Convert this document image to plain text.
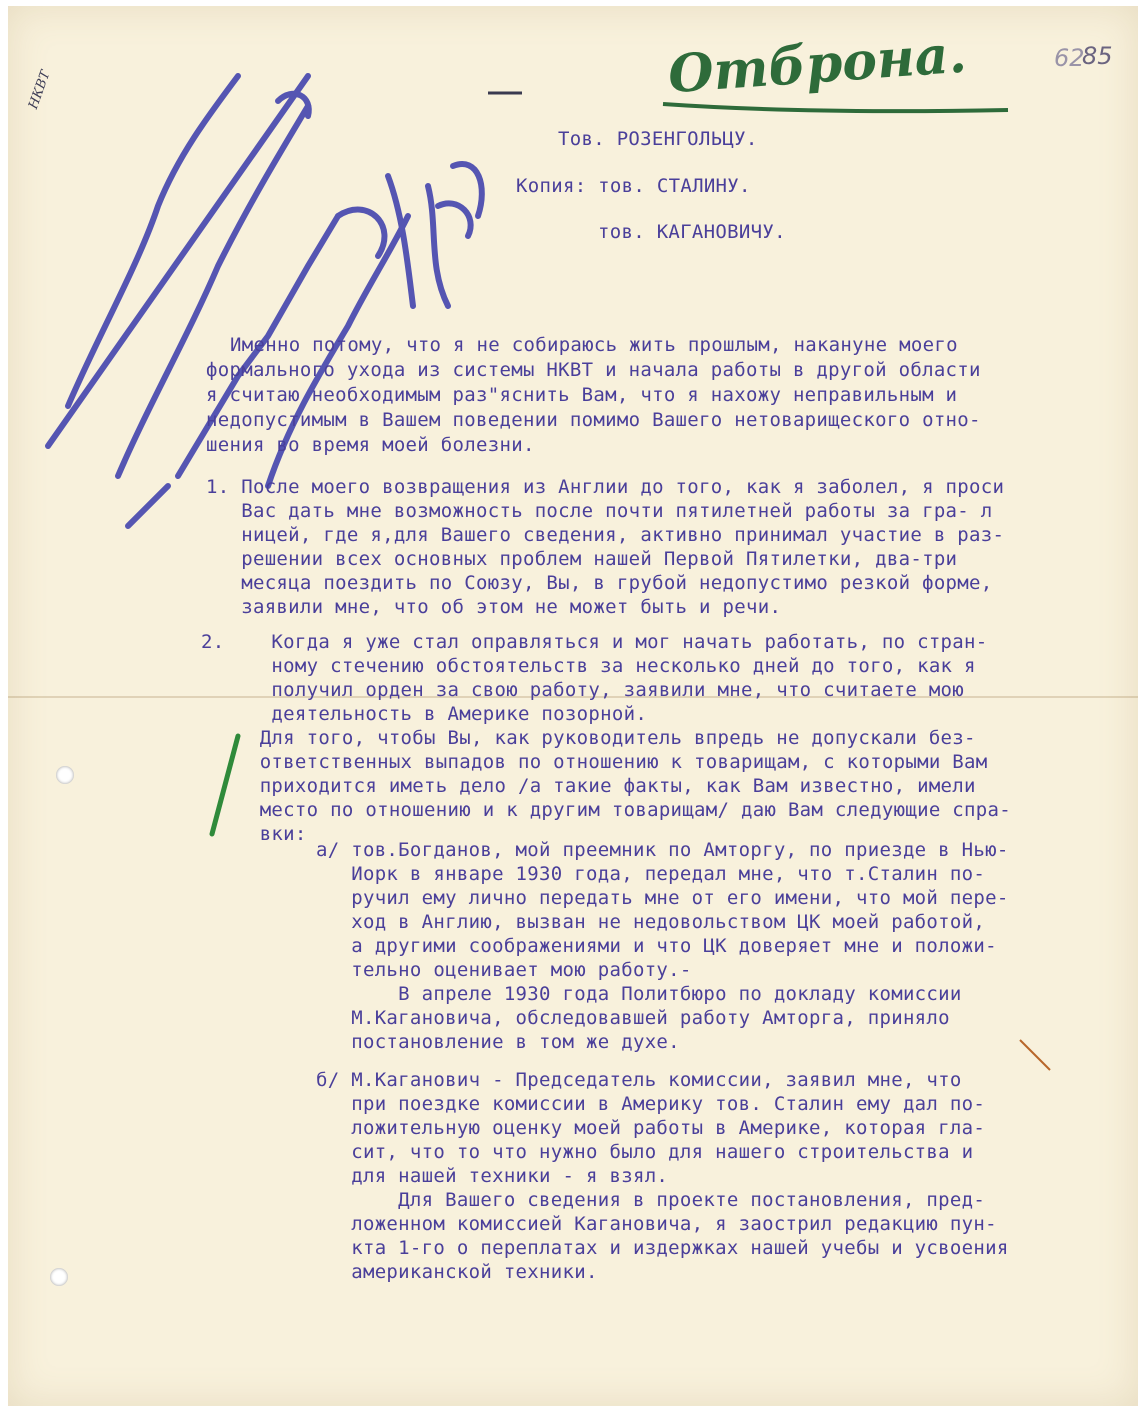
НКВТ
62
85
Отброна.
Тов. РОЗЕНГОЛЬЦУ.
Копия: тов. СТАЛИНУ.
тов. КАГАНОВИЧУ.
Именно потому, что я не собираюсь жить прошлым, накануне моего
формального ухода из системы НКВТ и начала работы в другой области
я считаю необходимым раз"яснить Вам, что я нахожу неправильным и
недопустимым в Вашем поведении помимо Вашего нетоварищеского отно-
шения во время моей болезни.
1. После моего возвращения из Англии до того, как я заболел, я проси
Вас дать мне возможность после почти пятилетней работы за гра- л
ницей, где я,для Вашего сведения, активно принимал участие в раз-
решении всех основных проблем нашей Первой Пятилетки, два-три
месяца поездить по Союзу, Вы, в грубой недопустимо резкой форме,
заявили мне, что об этом не может быть и речи.
2.    Когда я уже стал оправляться и мог начать работать, по стран-
ному стечению обстоятельств за несколько дней до того, как я
получил орден за свою работу, заявили мне, что считаете мою
деятельность в Америке позорной.
Для того, чтобы Вы, как руководитель впредь не допускали без-
ответственных выпадов по отношению к товарищам, с которыми Вам
приходится иметь дело /а такие факты, как Вам известно, имели
место по отношению и к другим товарищам/ даю Вам следующие спра-
вки:
а/ тов.Богданов, мой преемник по Амторгу, по приезде в Нью-
Иорк в январе 1930 года, передал мне, что т.Сталин по-
ручил ему лично передать мне от его имени, что мой пере-
ход в Англию, вызван не недовольством ЦК моей работой,
а другими соображениями и что ЦК доверяет мне и положи-
тельно оценивает мою работу.-
В апреле 1930 года Политбюро по докладу комиссии
М.Кагановича, обследовавшей работу Амторга, приняло
постановление в том же духе.
б/ М.Каганович - Председатель комиссии, заявил мне, что
при поездке комиссии в Америку тов. Сталин ему дал по-
ложительную оценку моей работы в Америке, которая гла-
сит, что то что нужно было для нашего строительства и
для нашей техники - я взял.
Для Вашего сведения в проекте постановления, пред-
ложенном комиссией Кагановича, я заострил редакцию пун-
кта 1-го о переплатах и издержках нашей учебы и усвоения
американской техники.
